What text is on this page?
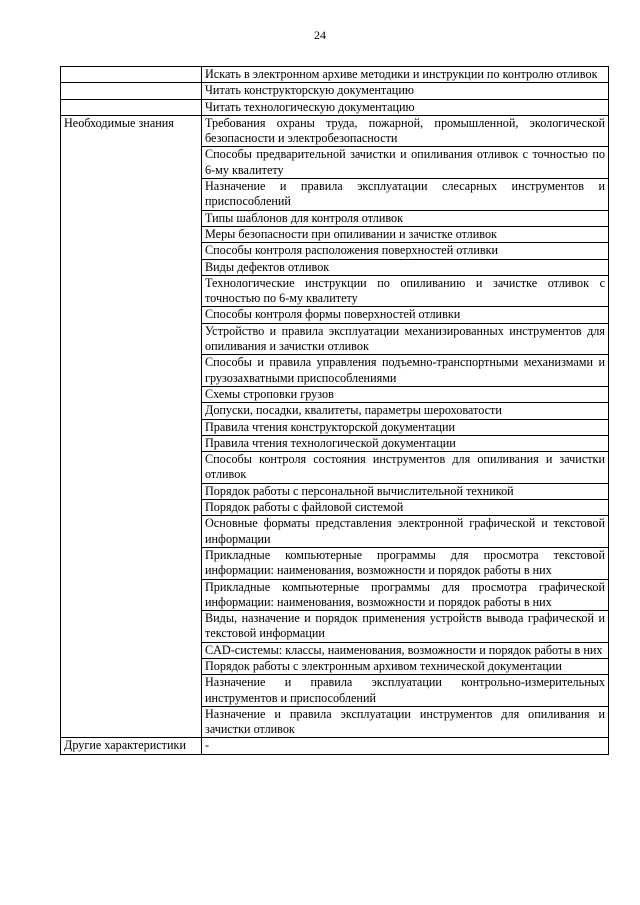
24
	Искать в электронном архиве методики и инструкции по контролю отливок
	Читать конструкторскую документацию
	Читать технологическую документацию
Необходимые знания	Требования охраны труда, пожарной, промышленной, экологической безопасности и электробезопасности
	Способы предварительной зачистки и опиливания отливок с точностью по 6-му квалитету
	Назначение и правила эксплуатации слесарных инструментов и приспособлений
	Типы шаблонов для контроля отливок
	Меры безопасности при опиливании и зачистке отливок
	Способы контроля расположения поверхностей отливки
	Виды дефектов отливок
	Технологические инструкции по опиливанию и зачистке отливок с точностью по 6-му квалитету
	Способы контроля формы поверхностей отливки
	Устройство и правила эксплуатации механизированных инструментов для опиливания и зачистки отливок
	Способы и правила управления подъемно-транспортными механизмами и грузозахватными приспособлениями
	Схемы строповки грузов
	Допуски, посадки, квалитеты, параметры шероховатости
	Правила чтения конструкторской документации
	Правила чтения технологической документации
	Способы контроля состояния инструментов для опиливания и зачистки отливок
	Порядок работы с персональной вычислительной техникой
	Порядок работы с файловой системой
	Основные форматы представления электронной графической и текстовой информации
	Прикладные компьютерные программы для просмотра текстовой информации: наименования, возможности и порядок работы в них
	Прикладные компьютерные программы для просмотра графической информации: наименования, возможности и порядок работы в них
	Виды, назначение и порядок применения устройств вывода графической и текстовой информации
	CAD-системы: классы, наименования, возможности и порядок работы в них
	Порядок работы с электронным архивом технической документации
	Назначение и правила эксплуатации контрольно-измерительных инструментов и приспособлений
	Назначение и правила эксплуатации инструментов для опиливания и зачистки отливок
Другие характеристики	-
